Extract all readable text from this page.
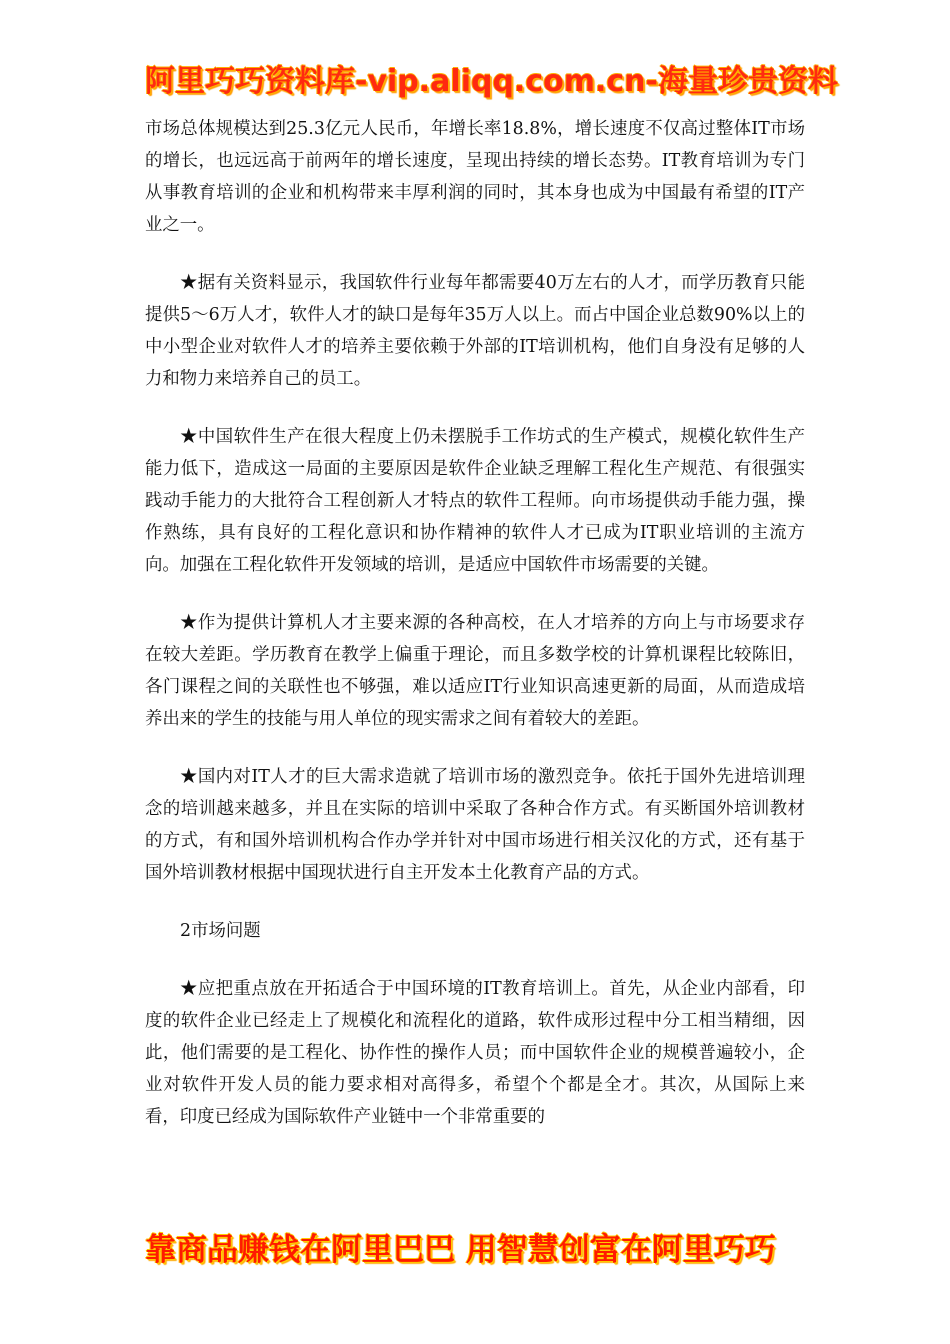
阿里巧巧资料库-vip.aliqq.com.cn-海量珍贵资料

市场总体规模达到25.3亿元人民币，年增长率18.8%，增长速度不仅高过整体IT市场的增长，也远远高于前两年的增长速度，呈现出持续的增长态势。IT教育培训为专门从事教育培训的企业和机构带来丰厚利润的同时，其本身也成为中国最有希望的IT产业之一。

★据有关资料显示，我国软件行业每年都需要40万左右的人才，而学历教育只能提供5～6万人才，软件人才的缺口是每年35万人以上。而占中国企业总数90%以上的中小型企业对软件人才的培养主要依赖于外部的IT培训机构，他们自身没有足够的人力和物力来培养自己的员工。

★中国软件生产在很大程度上仍未摆脱手工作坊式的生产模式，规模化软件生产能力低下，造成这一局面的主要原因是软件企业缺乏理解工程化生产规范、有很强实践动手能力的大批符合工程创新人才特点的软件工程师。向市场提供动手能力强，操作熟练，具有良好的工程化意识和协作精神的软件人才已成为IT职业培训的主流方向。加强在工程化软件开发领域的培训，是适应中国软件市场需要的关键。

★作为提供计算机人才主要来源的各种高校，在人才培养的方向上与市场要求存在较大差距。学历教育在教学上偏重于理论，而且多数学校的计算机课程比较陈旧，各门课程之间的关联性也不够强，难以适应IT行业知识高速更新的局面，从而造成培养出来的学生的技能与用人单位的现实需求之间有着较大的差距。

★国内对IT人才的巨大需求造就了培训市场的激烈竞争。依托于国外先进培训理念的培训越来越多，并且在实际的培训中采取了各种合作方式。有买断国外培训教材的方式，有和国外培训机构合作办学并针对中国市场进行相关汉化的方式，还有基于国外培训教材根据中国现状进行自主开发本土化教育产品的方式。

2市场问题

★应把重点放在开拓适合于中国环境的IT教育培训上。首先，从企业内部看，印度的软件企业已经走上了规模化和流程化的道路，软件成形过程中分工相当精细，因此，他们需要的是工程化、协作性的操作人员；而中国软件企业的规模普遍较小，企业对软件开发人员的能力要求相对高得多，希望个个都是全才。其次，从国际上来看，印度已经成为国际软件产业链中一个非常重要的

靠商品赚钱在阿里巴巴 用智慧创富在阿里巧巧
